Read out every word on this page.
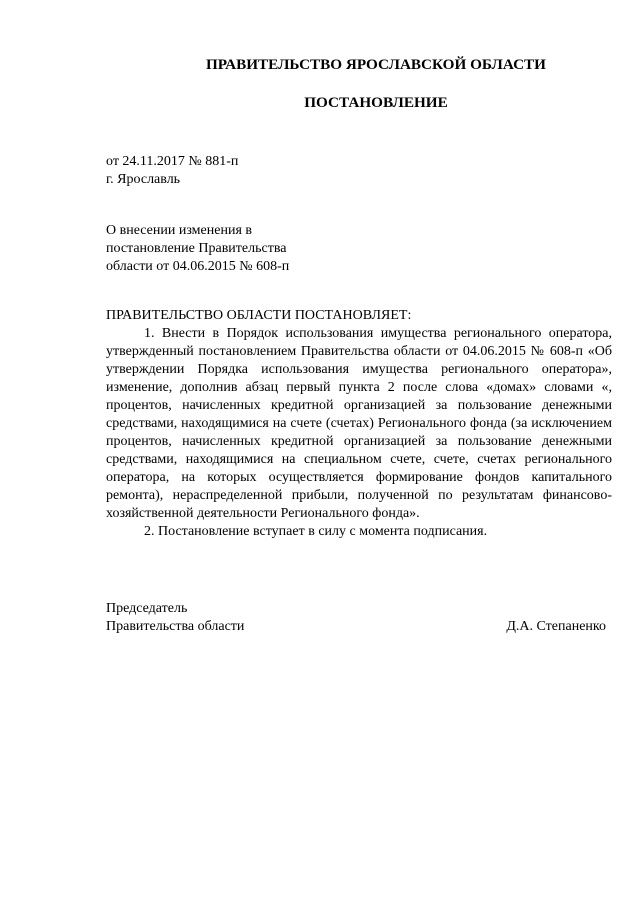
ПРАВИТЕЛЬСТВО ЯРОСЛАВСКОЙ ОБЛАСТИ
ПОСТАНОВЛЕНИЕ
от 24.11.2017 № 881-п
г. Ярославль
О внесении изменения в
постановление Правительства
области от 04.06.2015 № 608-п

ПРАВИТЕЛЬСТВО ОБЛАСТИ ПОСТАНОВЛЯЕТ:

1. Внести в Порядок использования имущества регионального оператора, утвержденный постановлением Правительства области от 04.06.2015 № 608-п «Об утверждении Порядка использования имущества регионального оператора», изменение, дополнив абзац первый пункта 2 после слова «домах» словами «, процентов, начисленных кредитной организацией за пользование денежными средствами, находящимися на счете (счетах) Регионального фонда (за исключением процентов, начисленных кредитной организацией за пользование денежными средствами, находящимися на специальном счете, счете, счетах регионального оператора, на которых осуществляется формирование фондов капитального ремонта), нераспределенной прибыли, полученной по результатам финансово-хозяйственной деятельности Регионального фонда».

2. Постановление вступает в силу с момента подписания.

Председатель
Правительства области	Д.А. Степаненко
